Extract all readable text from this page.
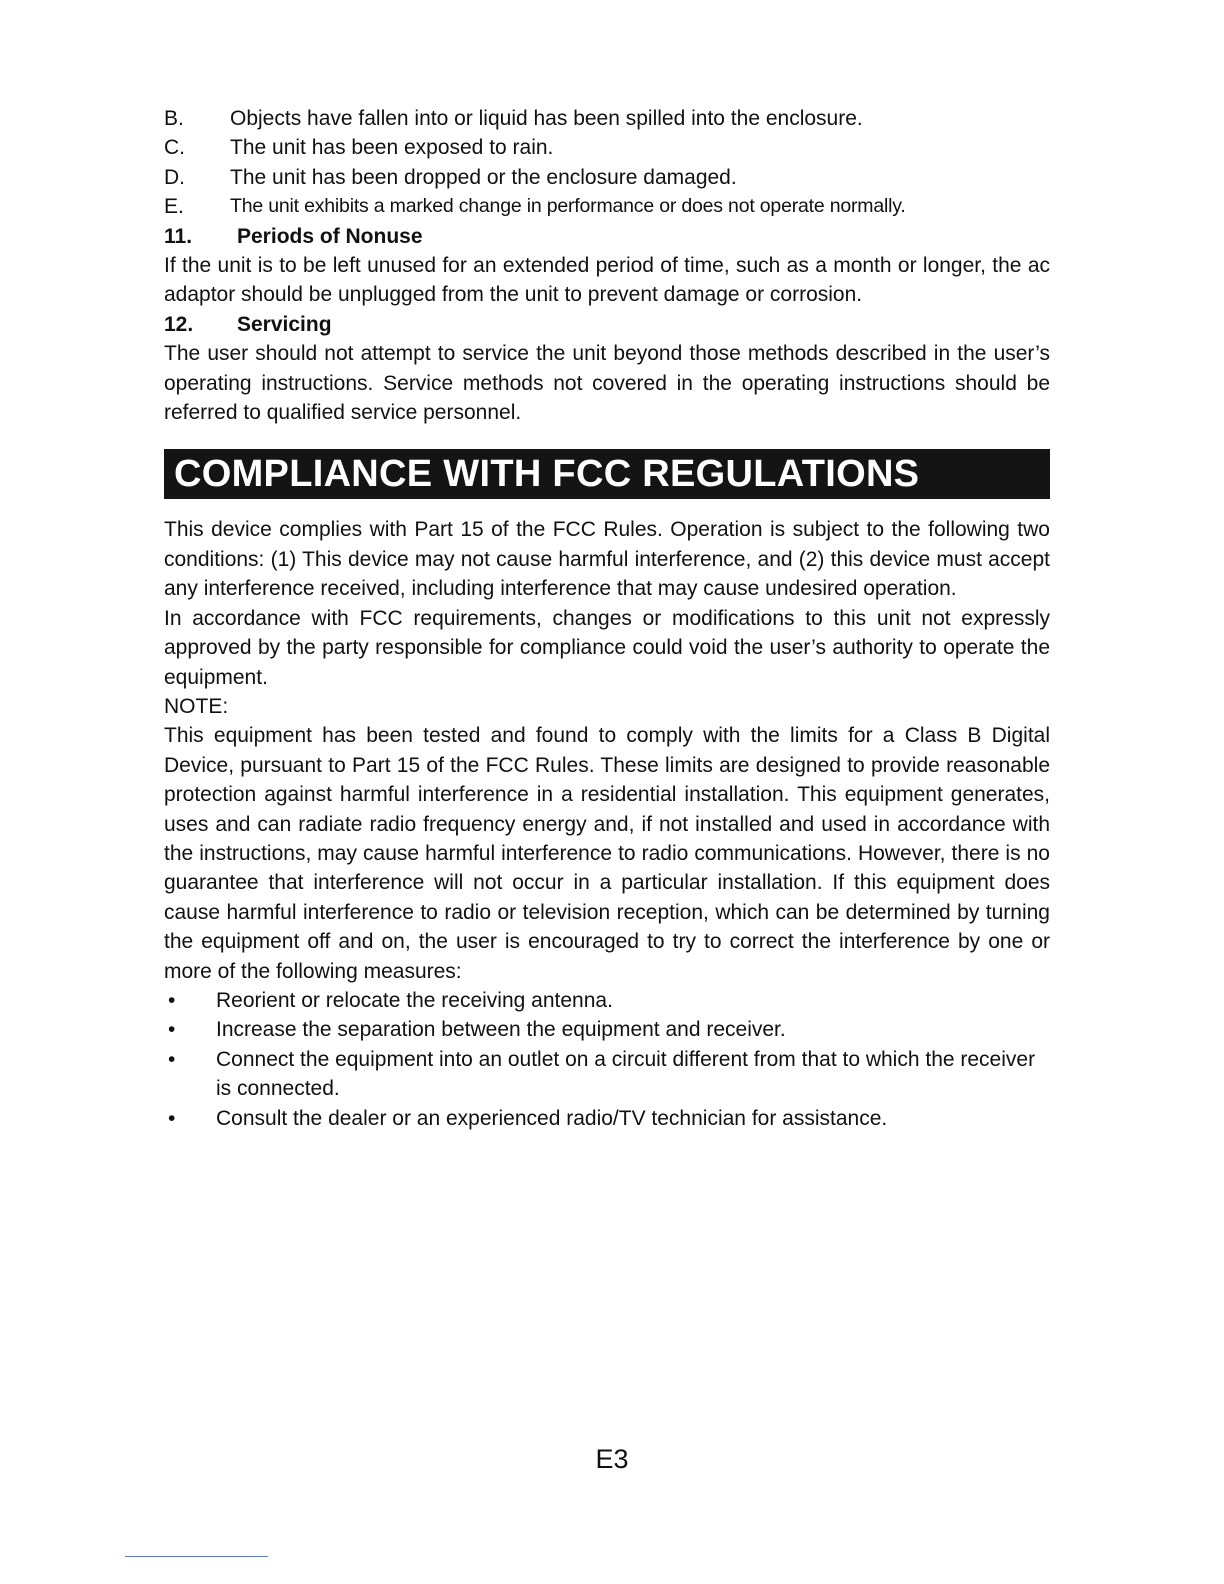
B.	Objects have fallen into or liquid has been spilled into the enclosure.
C.	The unit has been exposed to rain.
D.	The unit has been dropped or the enclosure damaged.
E.	The unit exhibits a marked change in performance or does not operate normally.
11.	Periods of Nonuse
If the unit is to be left unused for an extended period of time, such as a month or longer, the ac adaptor should be unplugged from the unit to prevent damage or corrosion.
12.	Servicing
The user should not attempt to service the unit beyond those methods described in the user’s operating instructions. Service methods not covered in the operating instructions should be referred to qualified service personnel.
COMPLIANCE WITH FCC REGULATIONS
This device complies with Part 15 of the FCC Rules. Operation is subject to the following two conditions: (1) This device may not cause harmful interference, and (2) this device must accept any interference received, including interference that may cause undesired operation.
In accordance with FCC requirements, changes or modifications to this unit not expressly approved by the party responsible for compliance could void the user’s authority to operate the equipment.
NOTE:
This equipment has been tested and found to comply with the limits for a Class B Digital Device, pursuant to Part 15 of the FCC Rules. These limits are designed to provide reasonable protection against harmful interference in a residential installation. This equipment generates, uses and can radiate radio frequency energy and, if not installed and used in accordance with the instructions, may cause harmful interference to radio communications. However, there is no guarantee that interference will not occur in a particular installation. If this equipment does cause harmful interference to radio or television reception, which can be determined by turning the equipment off and on, the user is encouraged to try to correct the interference by one or more of the following measures:
•	Reorient or relocate the receiving antenna.
•	Increase the separation between the equipment and receiver.
•	Connect the equipment into an outlet on a circuit different from that to which the receiver is connected.
•	Consult the dealer or an experienced radio/TV technician for assistance.
E3
